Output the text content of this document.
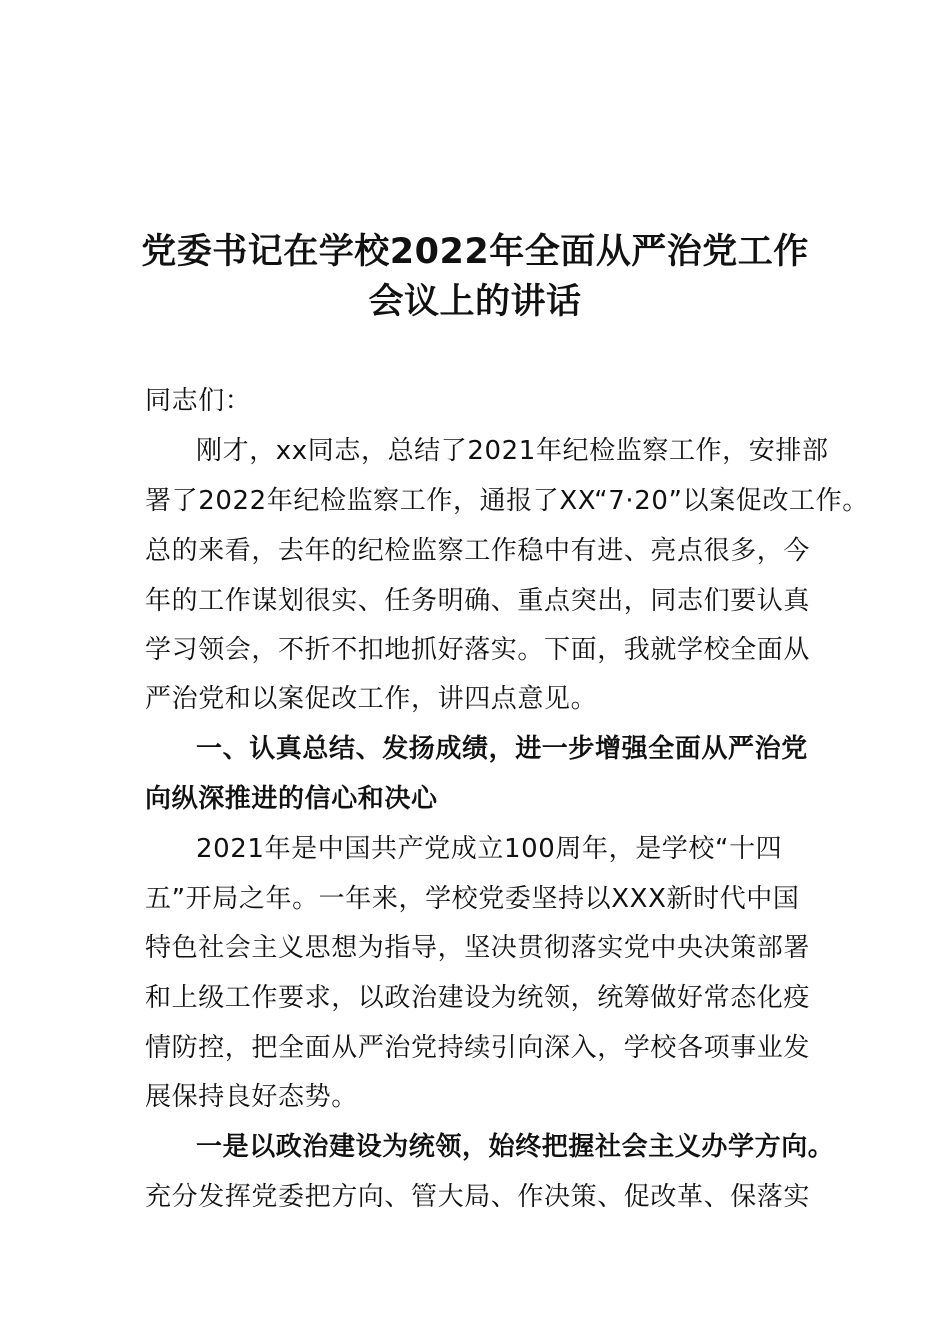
党委书记在学校2022年全面从严治党工作
会议上的讲话
同志们：
刚才，xx同志，总结了2021年纪检监察工作，安排部
署了2022年纪检监察工作，通报了XX“7·20”以案促改工作。
总的来看，去年的纪检监察工作稳中有进、亮点很多，今
年的工作谋划很实、任务明确、重点突出，同志们要认真
学习领会，不折不扣地抓好落实。下面，我就学校全面从
严治党和以案促改工作，讲四点意见。
一、认真总结、发扬成绩，进一步增强全面从严治党
向纵深推进的信心和决心
2021年是中国共产党成立100周年，是学校“十四
五”开局之年。一年来，学校党委坚持以XXX新时代中国
特色社会主义思想为指导，坚决贯彻落实党中央决策部署
和上级工作要求，以政治建设为统领，统筹做好常态化疫
情防控，把全面从严治党持续引向深入，学校各项事业发
展保持良好态势。
一是以政治建设为统领，始终把握社会主义办学方向。
充分发挥党委把方向、管大局、作决策、促改革、保落实
